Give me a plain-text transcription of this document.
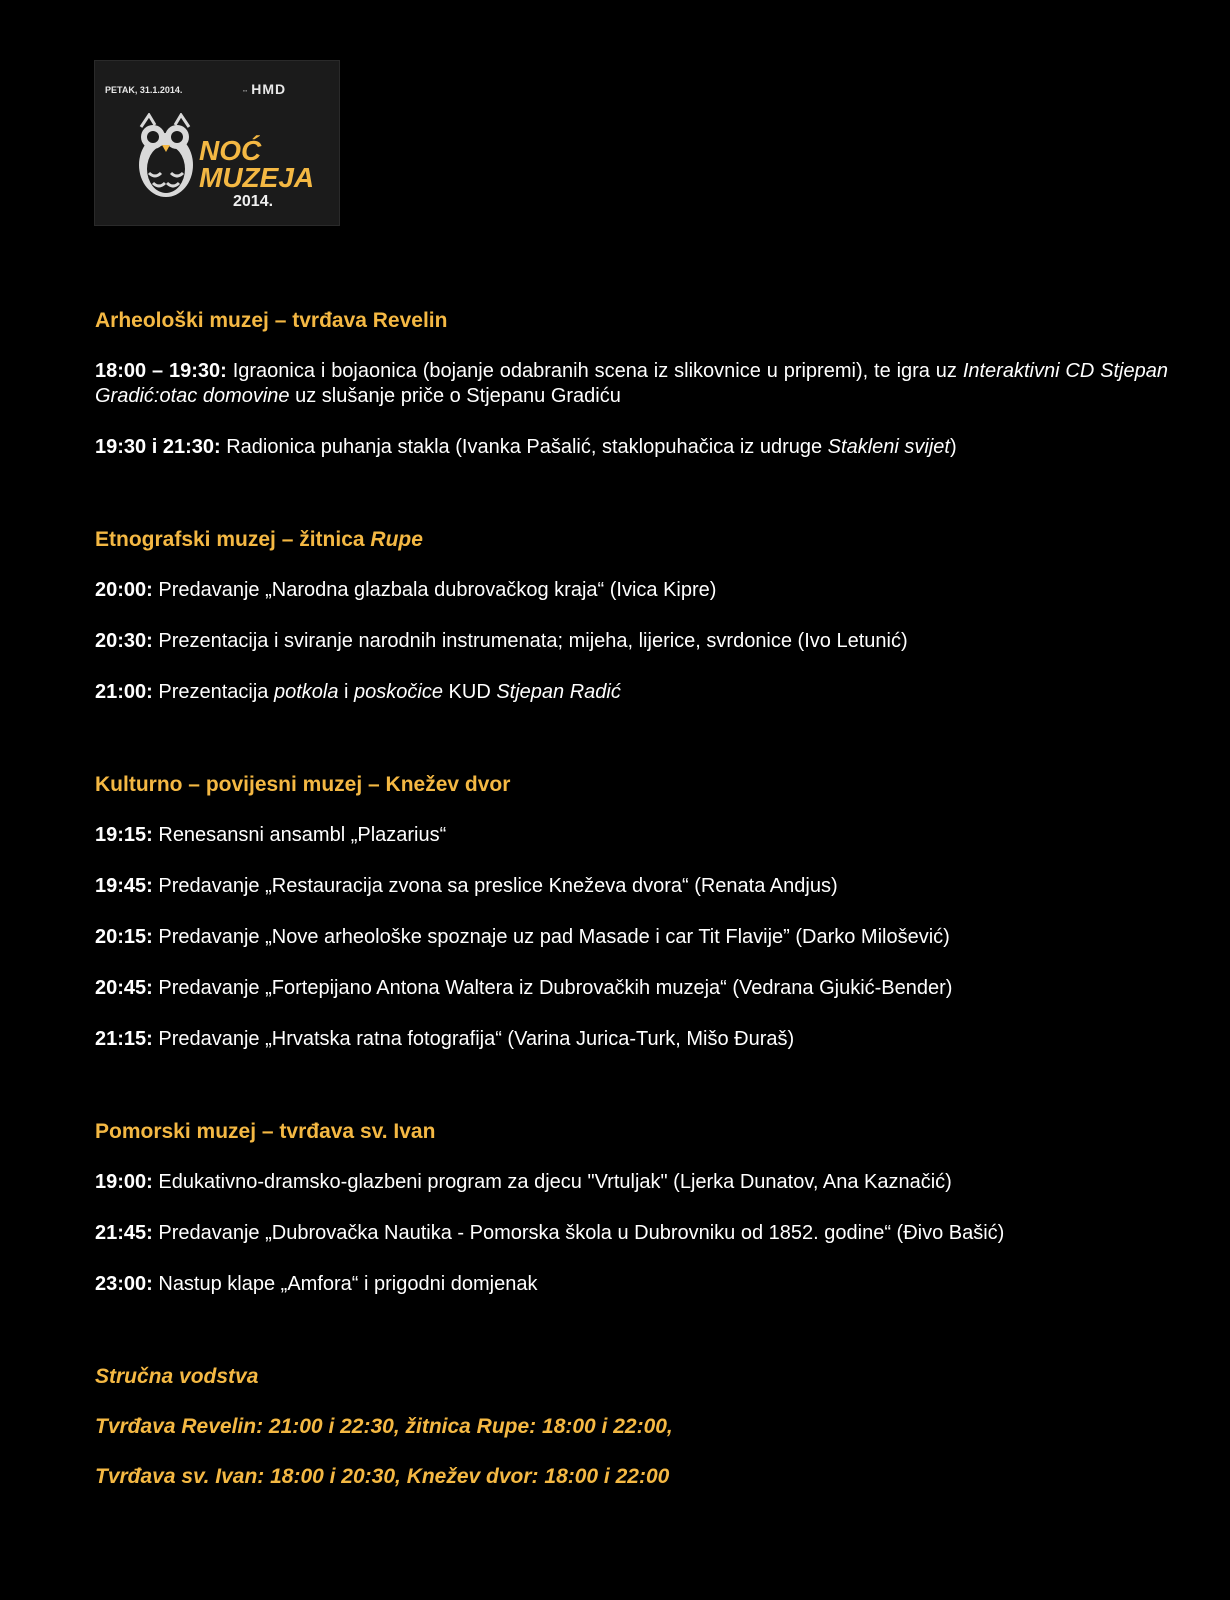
PETAK, 31.1.2014.	▪▪▪ HMD
NOĆ
MUZEJA
2014.
Arheološki muzej – tvrđava Revelin
18:00 – 19:30: Igraonica i bojaonica (bojanje odabranih scena iz slikovnice u pripremi), te igra uz Interaktivni CD Stjepan Gradić:otac domovine uz slušanje priče o Stjepanu Gradiću
19:30 i 21:30: Radionica puhanja stakla (Ivanka Pašalić, staklopuhačica iz udruge Stakleni svijet)
Etnografski muzej – žitnica Rupe
20:00: Predavanje „Narodna glazbala dubrovačkog kraja“ (Ivica Kipre)
20:30: Prezentacija i sviranje narodnih instrumenata; mijeha, lijerice, svrdonice (Ivo Letunić)
21:00: Prezentacija potkola i poskočice KUD Stjepan Radić
Kulturno – povijesni muzej – Knežev dvor
19:15: Renesansni ansambl „Plazarius“
19:45: Predavanje „Restauracija zvona sa preslice Kneževa dvora“ (Renata Andjus)
20:15: Predavanje „Nove arheološke spoznaje uz pad Masade i car Tit Flavije” (Darko Milošević)
20:45: Predavanje „Fortepijano Antona Waltera iz Dubrovačkih muzeja“ (Vedrana Gjukić-Bender)
21:15: Predavanje „Hrvatska ratna fotografija“ (Varina Jurica-Turk, Mišo Đuraš)
Pomorski muzej – tvrđava sv. Ivan
19:00: Edukativno-dramsko-glazbeni program za djecu "Vrtuljak" (Ljerka Dunatov, Ana Kaznačić)
21:45: Predavanje „Dubrovačka Nautika - Pomorska škola u Dubrovniku od 1852. godine“ (Đivo Bašić)
23:00: Nastup klape „Amfora“ i prigodni domjenak
Stručna vodstva
Tvrđava Revelin: 21:00 i 22:30, žitnica Rupe: 18:00 i 22:00,
Tvrđava sv. Ivan: 18:00 i 20:30, Knežev dvor: 18:00 i 22:00
